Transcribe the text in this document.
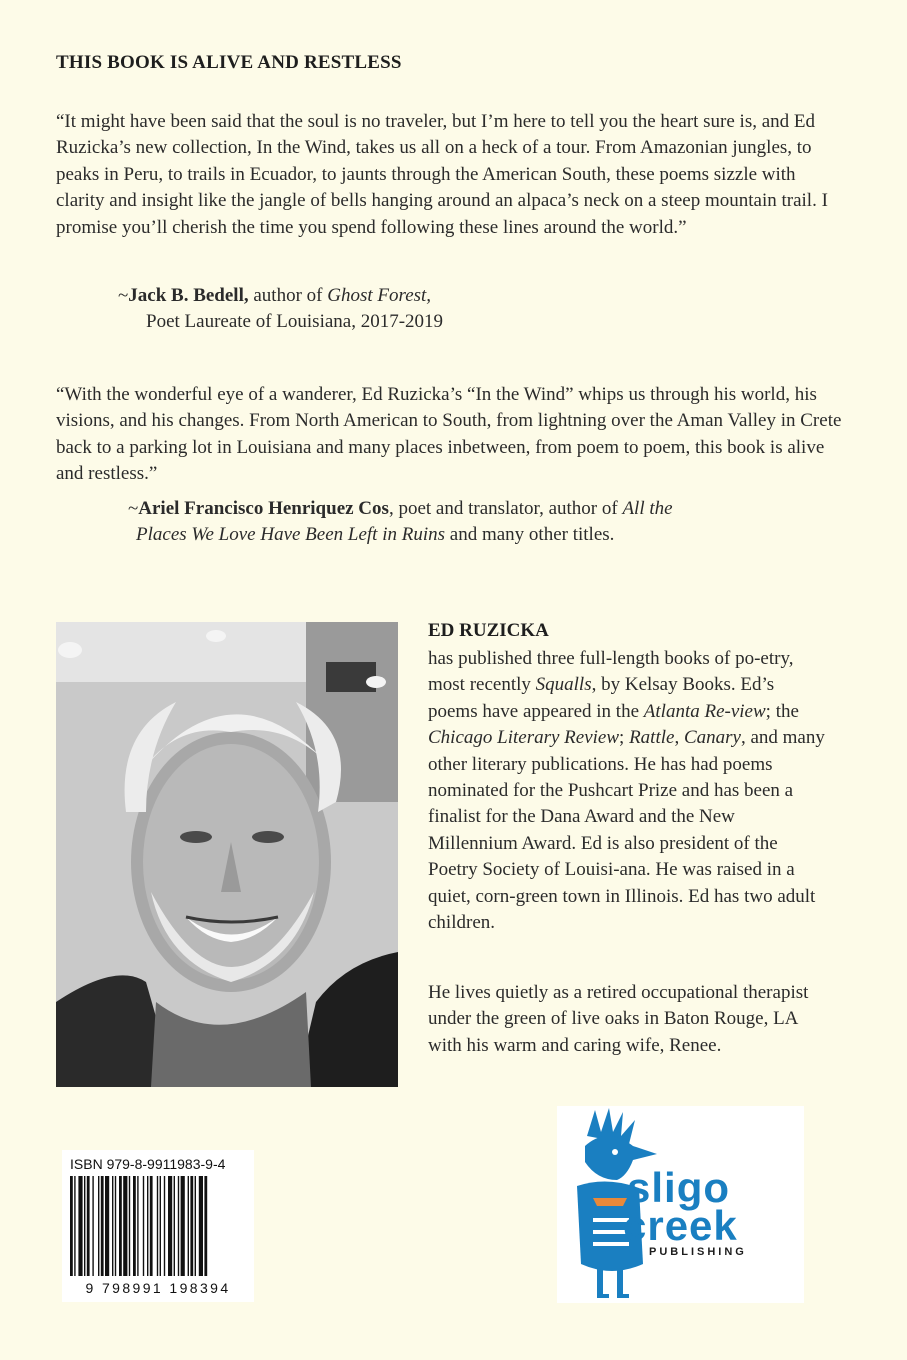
THIS BOOK IS ALIVE AND RESTLESS

“It might have been said that the soul is no traveler, but I’m here to tell you the heart sure is, and Ed Ruzicka’s new collection, In the Wind, takes us all on a heck of a tour. From Amazonian jungles, to peaks in Peru, to trails in Ecuador, to jaunts through the American South, these poems sizzle with clarity and insight like the jangle of bells hanging around an alpaca’s neck on a steep mountain trail. I promise you’ll cherish the time you spend following these lines around the world.”

~Jack B. Bedell, author of Ghost Forest,
Poet Laureate of Louisiana, 2017-2019

“With the wonderful eye of a wanderer, Ed Ruzicka’s “In the Wind” whips us through his world, his visions, and his changes. From North American to South, from lightning over the Aman Valley in Crete back to a parking lot in Louisiana and many places inbetween, from poem to poem, this book is alive and restless.”

~Ariel Francisco Henriquez Cos, poet and translator, author of All the
Places We Love Have Been Left in Ruins and many other titles.

ED RUZICKA

has published three full-length books of po-etry, most recently Squalls, by Kelsay Books. Ed’s poems have appeared in the Atlanta Re-view; the Chicago Literary Review; Rattle, Canary, and many other literary publications. He has had poems nominated for the Pushcart Prize and has been a finalist for the Dana Award and the New Millennium Award. Ed is also president of the Poetry Society of Louisi-ana. He was raised in a quiet, corn-green town in Illinois. Ed has two adult children.

He lives quietly as a retired occupational therapist under the green of live oaks in Baton Rouge, LA with his warm and caring wife, Renee.

ISBN 979-8-9911983-9-4
9 798991 198394
sligo
creek
PUBLISHING
